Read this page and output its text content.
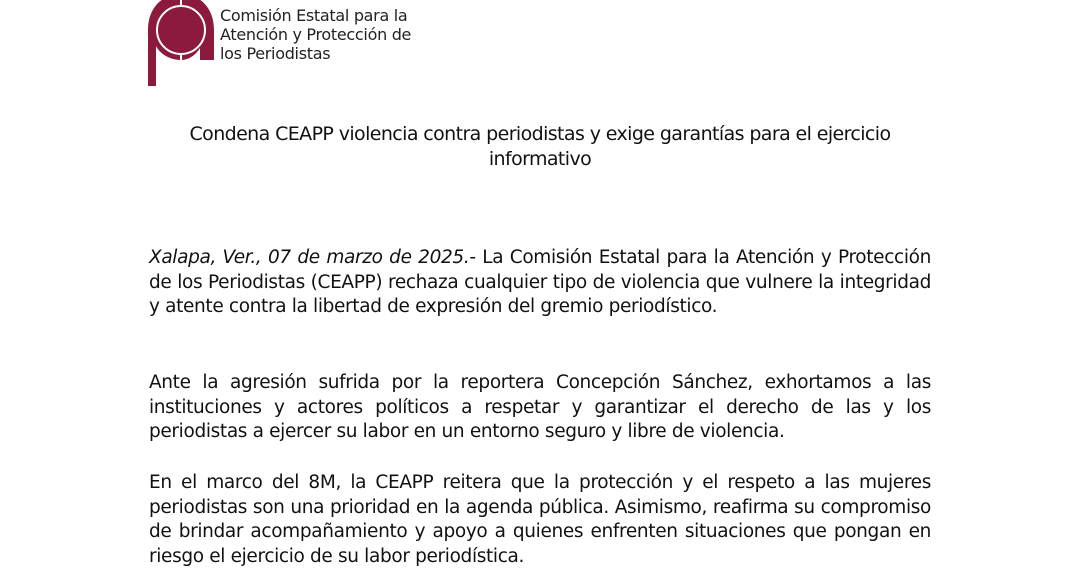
Comisión Estatal para la
Atención y Protección de
los Periodistas
Condena CEAPP violencia contra periodistas y exige garantías para el ejercicio informativo

Xalapa, Ver., 07 de marzo de 2025.- La Comisión Estatal para la Atención y Protección de los Periodistas (CEAPP) rechaza cualquier tipo de violencia que vulnere la integridad y atente contra la libertad de expresión del gremio periodístico.

Ante la agresión sufrida por la reportera Concepción Sánchez, exhortamos a las instituciones y actores políticos a respetar y garantizar el derecho de las y los periodistas a ejercer su labor en un entorno seguro y libre de violencia.

En el marco del 8M, la CEAPP reitera que la protección y el respeto a las mujeres periodistas son una prioridad en la agenda pública. Asimismo, reafirma su compromiso de brindar acompañamiento y apoyo a quienes enfrenten situaciones que pongan en riesgo el ejercicio de su labor periodística.
